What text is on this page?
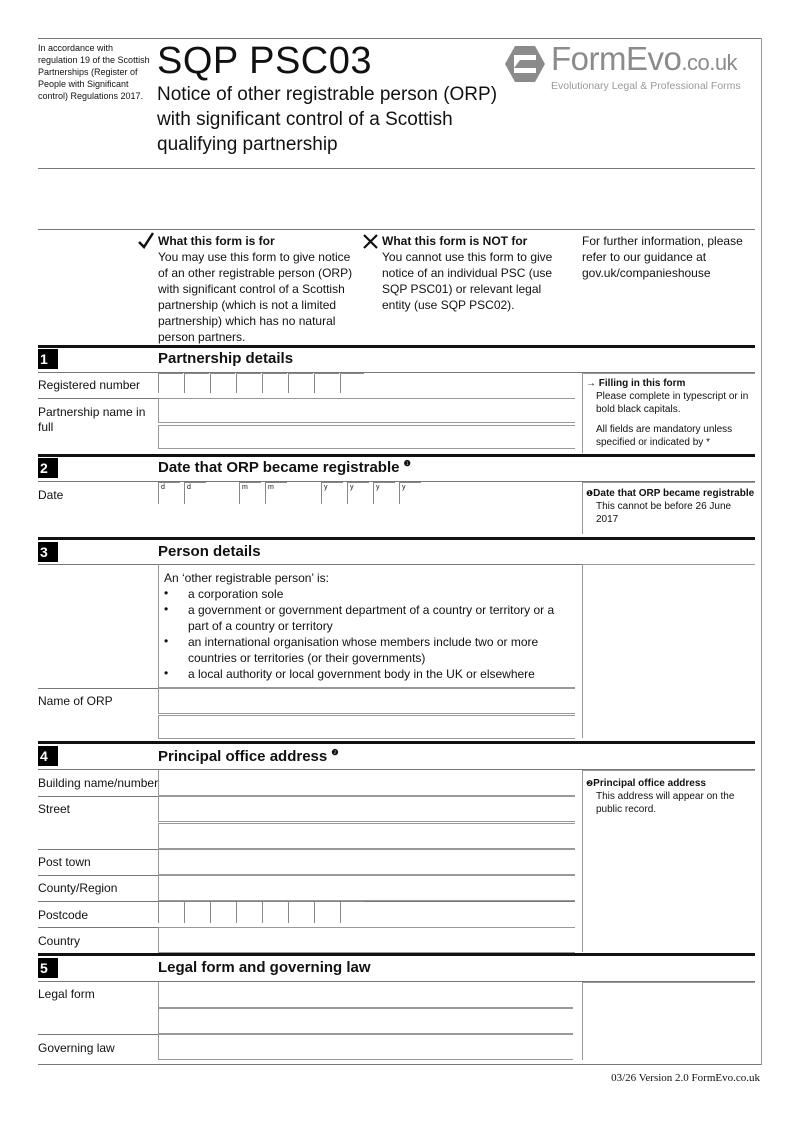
In accordance with regulation 19 of the Scottish Partnerships (Register of People with Significant control) Regulations 2017.
SQP PSC03
Notice of other registrable person (ORP) with significant control of a Scottish qualifying partnership
FormEvo.co.uk
Evolutionary Legal & Professional Forms
What this form is for
You may use this form to give notice of an other registrable person (ORP) with significant control of a Scottish partnership (which is not a limited partnership) which has no natural person partners.
What this form is NOT for
You cannot use this form to give notice of an individual PSC (use SQP PSC01) or relevant legal entity (use SQP PSC02).
For further information, please refer to our guidance at gov.uk/companieshouse
1	Partnership details
Registered number
Partnership name in full
→ Filling in this form
Please complete in typescript or in bold black capitals.
All fields are mandatory unless specified or indicated by *
2	Date that ORP became registrable $^❶$
Date
d	d	m	m	y	y	y	y
❶Date that ORP became registrable
This cannot be before 26 June 2017
3	Person details
An ‘other registrable person’ is:
• a corporation sole
• a government or government department of a country or territory or a part of a country or territory
• an international organisation whose members include two or more countries or territories (or their governments)
• a local authority or local government body in the UK or elsewhere
Name of ORP
4	Principal office address $^❷$
Building name/number
Street
Post town
County/Region
Postcode
Country
❷Principal office address
This address will appear on the public record.
5	Legal form and governing law
Legal form
Governing law
03/26 Version 2.0 FormEvo.co.uk
